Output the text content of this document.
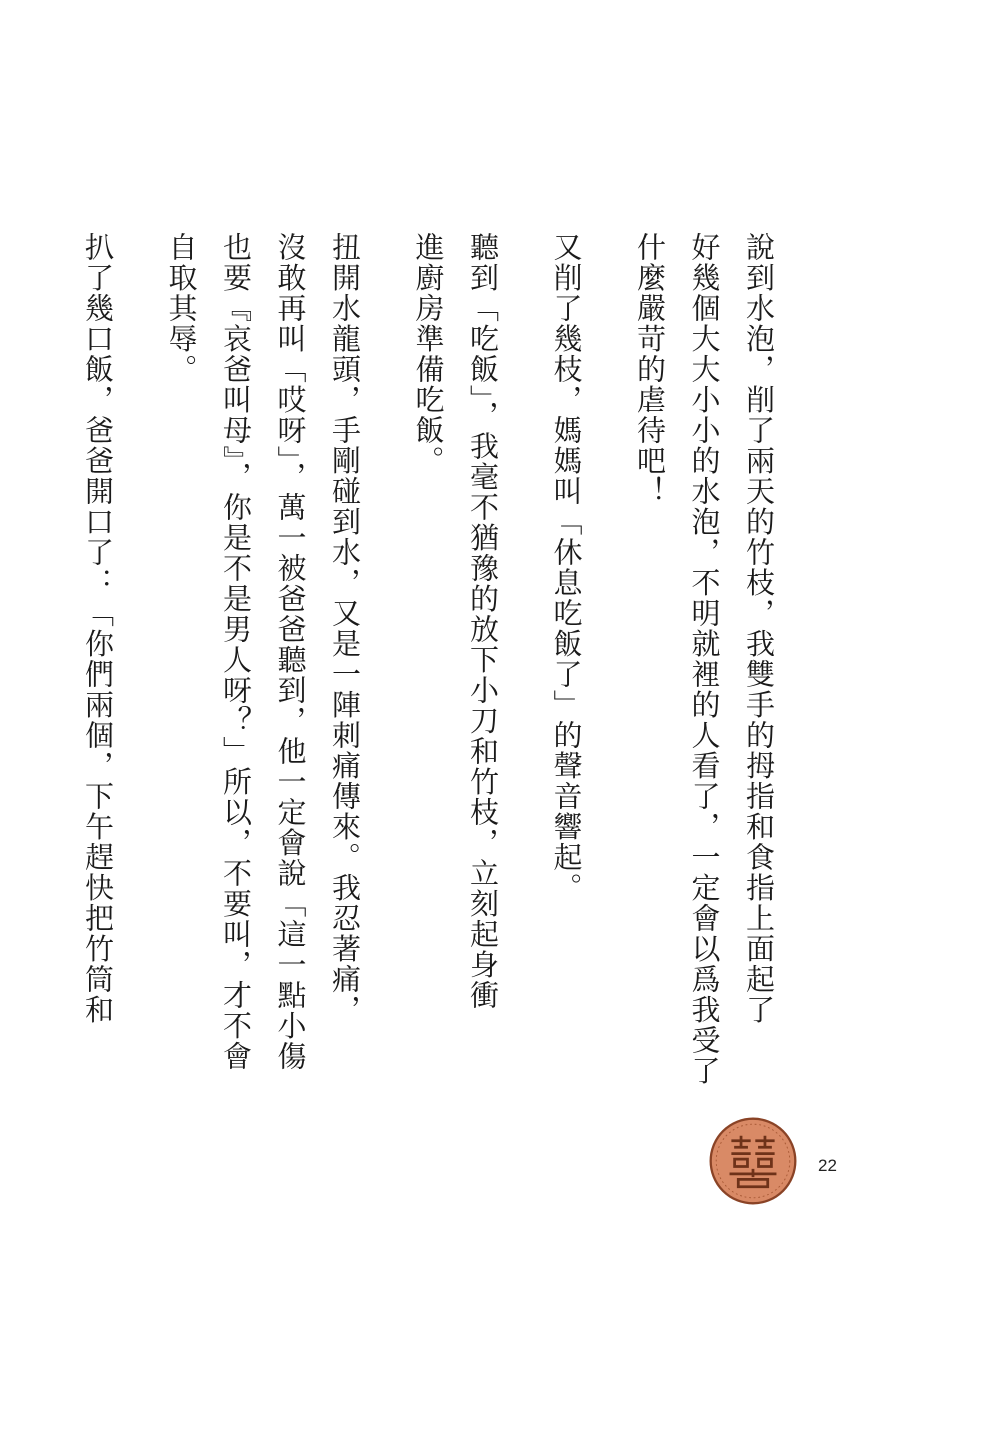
說到水泡，削了兩天的竹枝，我雙手的拇指和食指上面起了
好幾個大大小小的水泡，不明就裡的人看了，一定會以爲我受了
什麼嚴苛的虐待吧！
又削了幾枝，媽媽叫「休息吃飯了」的聲音響起。
聽到「吃飯」，我毫不猶豫的放下小刀和竹枝，立刻起身衝
進廚房準備吃飯。
扭開水龍頭，手剛碰到水，又是一陣刺痛傳來。我忍著痛，
沒敢再叫「哎呀」，萬一被爸爸聽到，他一定會說「這一點小傷
也要『哀爸叫母』，你是不是男人呀？」所以，不要叫，才不會
自取其辱。
扒了幾口飯，爸爸開口了：「你們兩個，下午趕快把竹筒和
22
